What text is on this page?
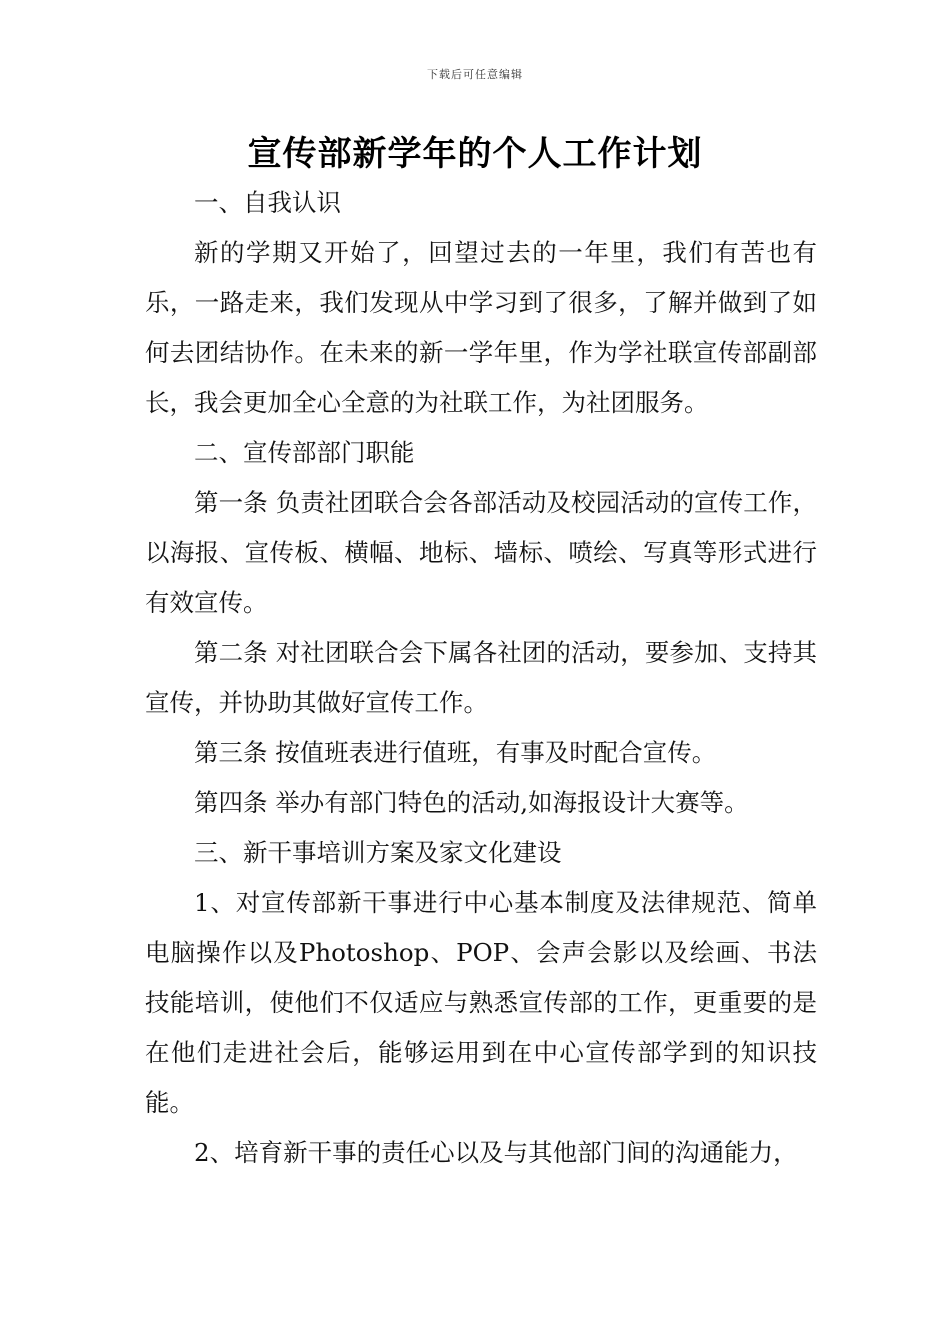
下载后可任意编辑
宣传部新学年的个人工作计划

一、自我认识

新的学期又开始了，回望过去的一年里，我们有苦也有乐，一路走来，我们发现从中学习到了很多，了解并做到了如何去团结协作。在未来的新一学年里，作为学社联宣传部副部长，我会更加全心全意的为社联工作，为社团服务。

二、宣传部部门职能

第一条 负责社团联合会各部活动及校园活动的宣传工作，以海报、宣传板、横幅、地标、墙标、喷绘、写真等形式进行有效宣传。

第二条 对社团联合会下属各社团的活动，要参加、支持其宣传，并协助其做好宣传工作。

第三条 按值班表进行值班，有事及时配合宣传。

第四条 举办有部门特色的活动,如海报设计大赛等。

三、新干事培训方案及家文化建设

1、对宣传部新干事进行中心基本制度及法律规范、简单电脑操作以及Photoshop、POP、会声会影以及绘画、书法技能培训，使他们不仅适应与熟悉宣传部的工作，更重要的是在他们走进社会后，能够运用到在中心宣传部学到的知识技能。

2、培育新干事的责任心以及与其他部门间的沟通能力，
